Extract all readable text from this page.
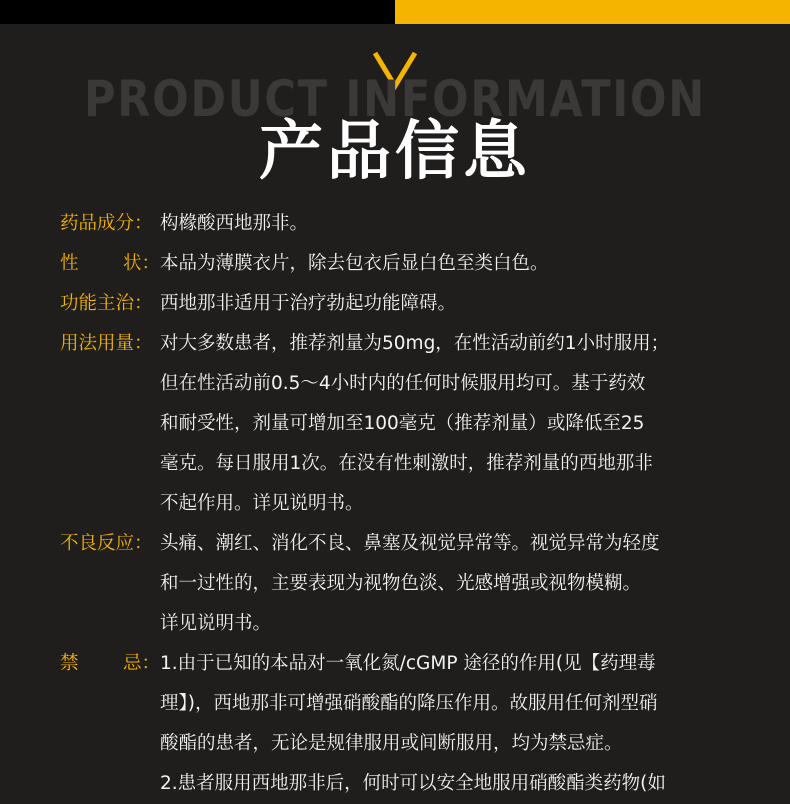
PRODUCT INFORMATION
产品信息
药品成分： 构橼酸西地那非。
性 状： 本品为薄膜衣片，除去包衣后显白色至类白色。
功能主治： 西地那非适用于治疗勃起功能障碍。
用法用量： 对大多数患者，推荐剂量为50mg，在性活动前约1小时服用；
但在性活动前0.5～4小时内的任何时候服用均可。基于药效
和耐受性，剂量可增加至100毫克（推荐剂量）或降低至25
毫克。每日服用1次。在没有性刺激时，推荐剂量的西地那非
不起作用。详见说明书。
不良反应： 头痛、潮红、消化不良、鼻塞及视觉异常等。视觉异常为轻度
和一过性的，主要表现为视物色淡、光感增强或视物模糊。
详见说明书。
禁 忌： 1.由于已知的本品对一氧化氮/cGMP 途径的作用(见【药理毒
理】)，西地那非可增强硝酸酯的降压作用。故服用任何剂型硝
酸酯的患者，无论是规律服用或间断服用，均为禁忌症。
2.患者服用西地那非后，何时可以安全地服用硝酸酯类药物(如
